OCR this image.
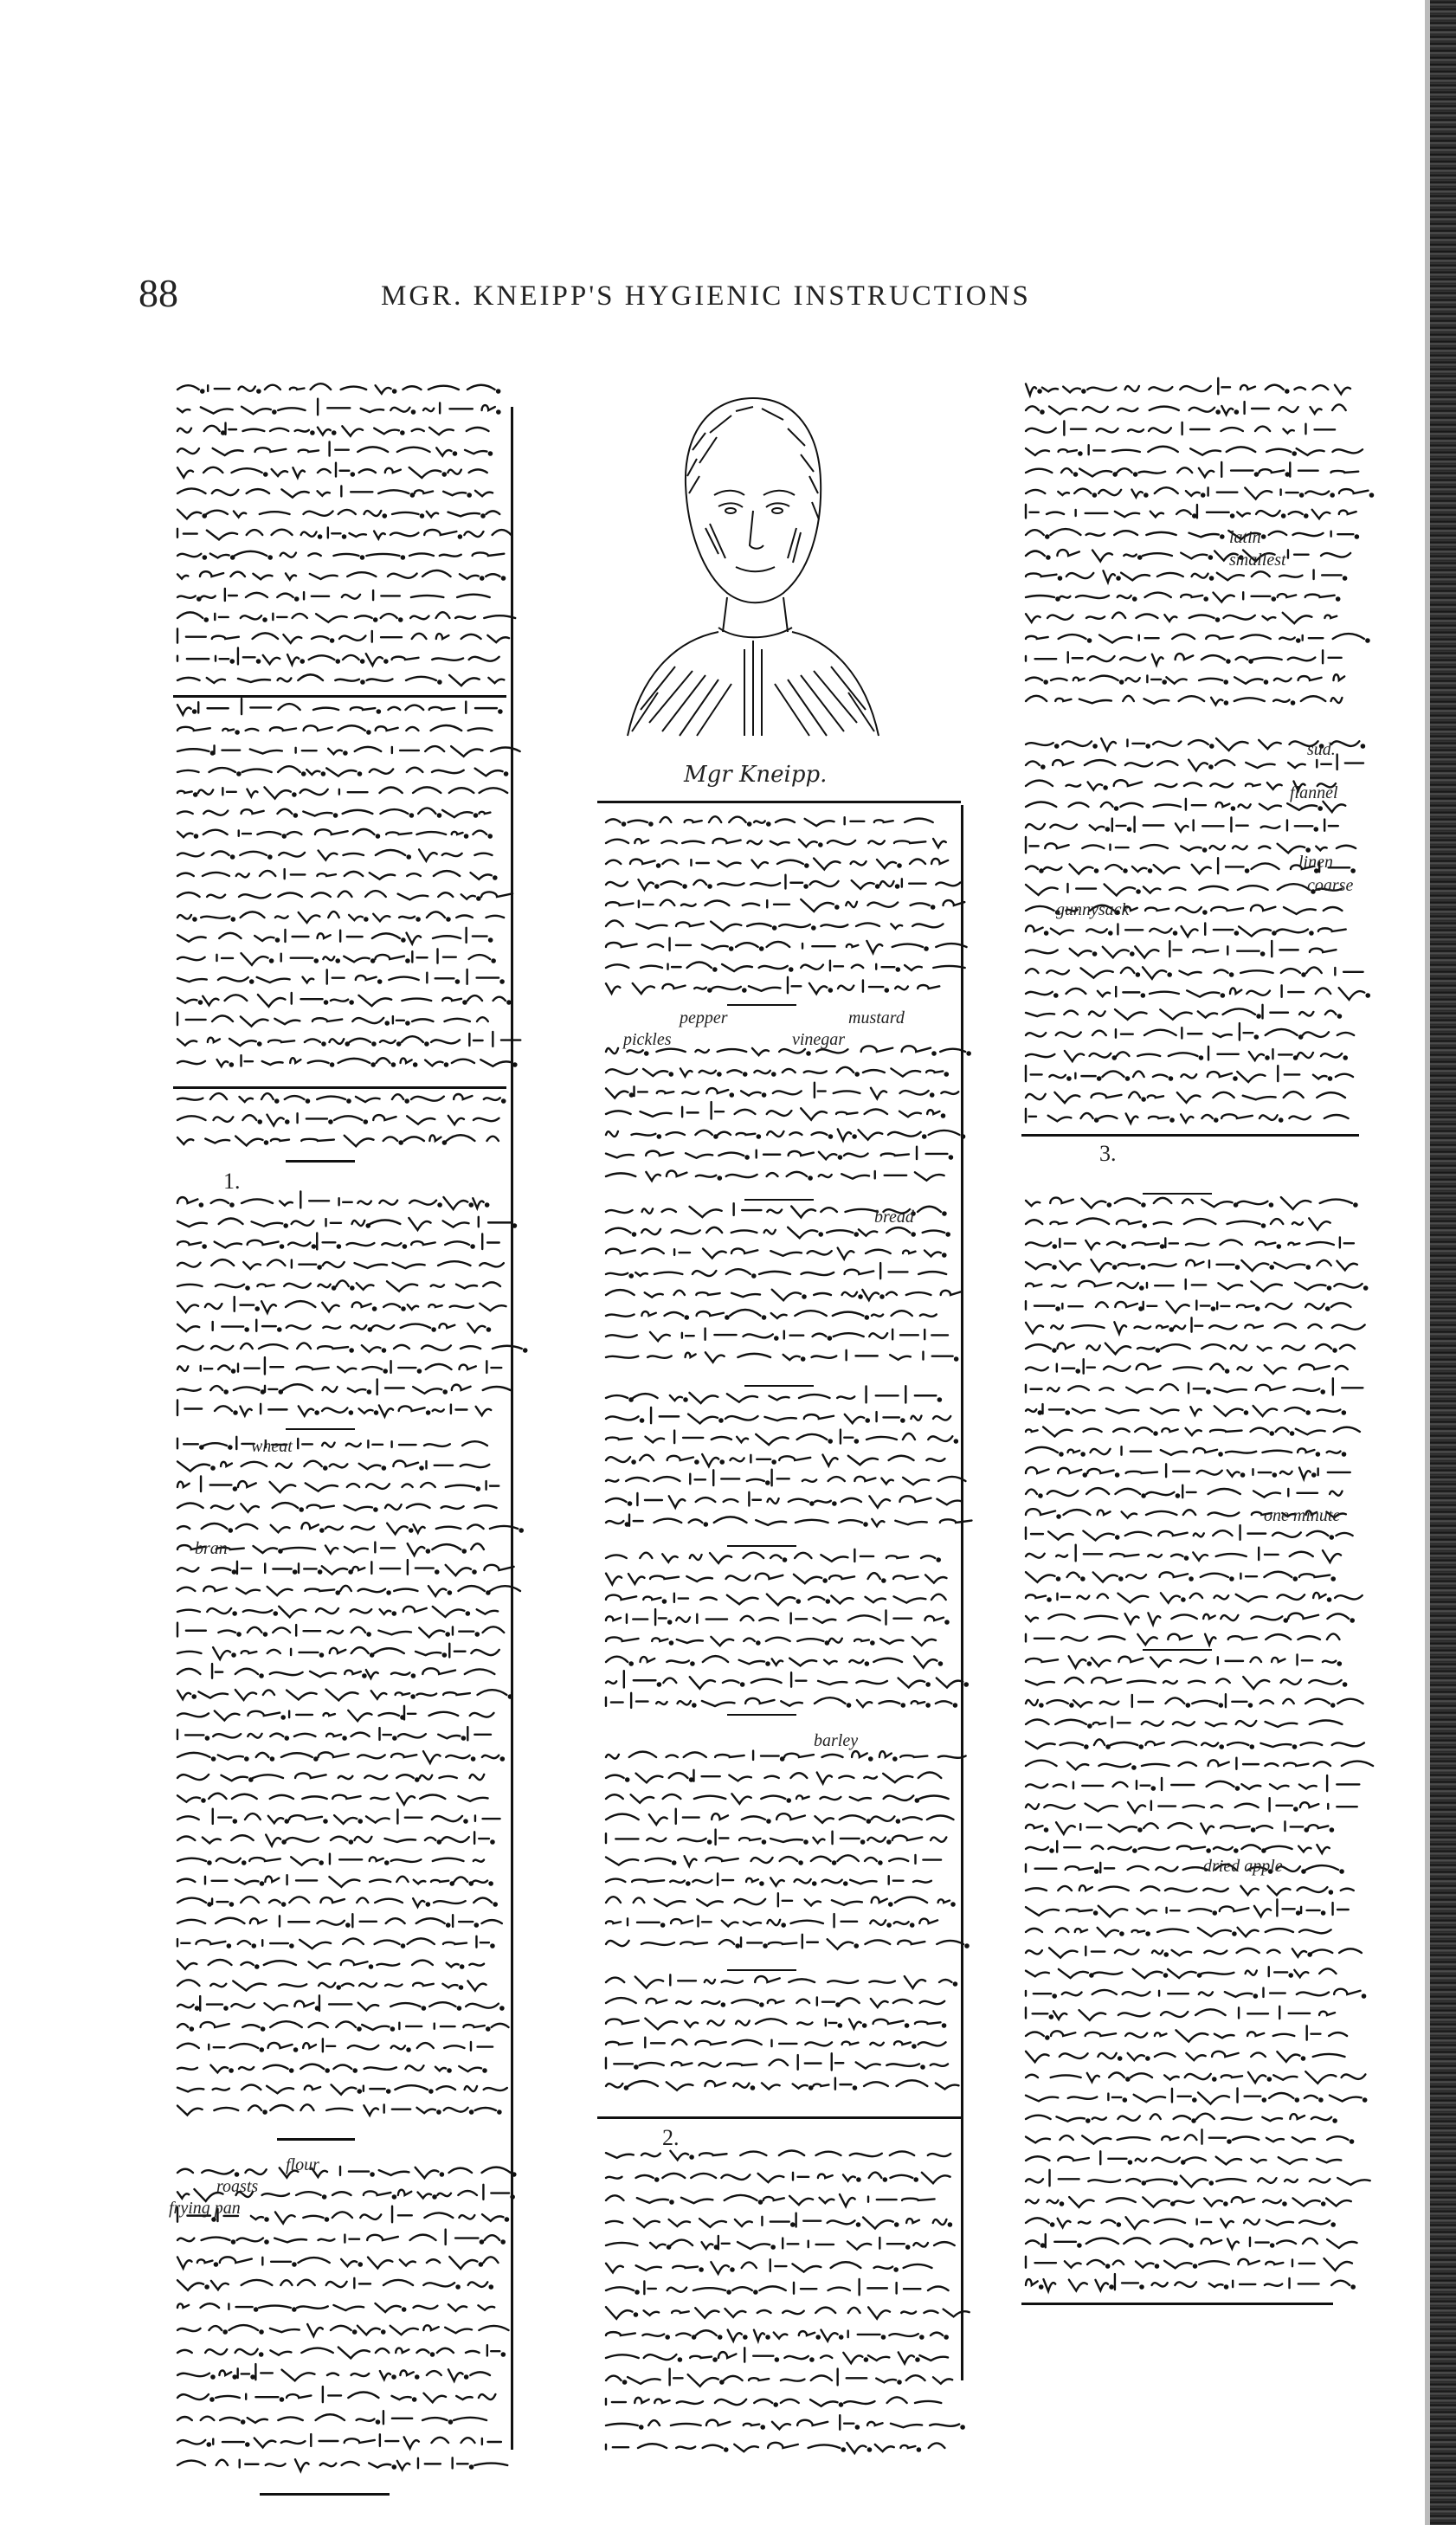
88	MGR. KNEIPP'S HYGIENIC INSTRUCTIONS
1.
2.
3.
Mgr Kneipp.
wheat
bran
flour
roasts
frying pan
pepper	mustard
pickles	vinegar
bread
barley
latin
smallest
sud.
flannel
linen
coarse
gunnysack
one minute
dried apple
